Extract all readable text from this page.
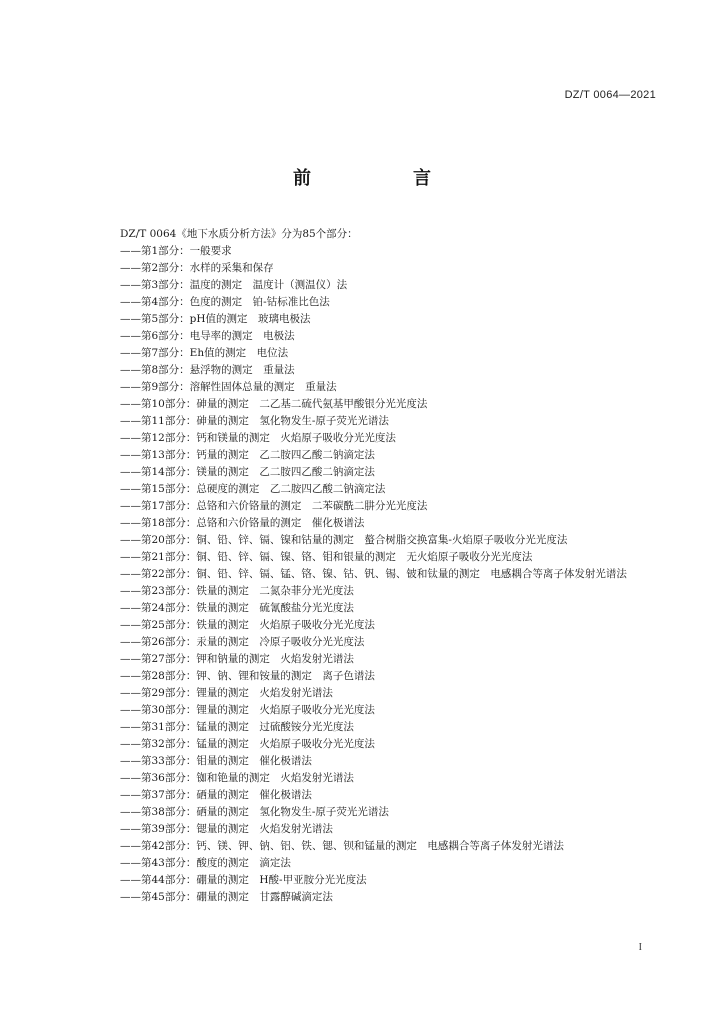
DZ/T 0064—2021
前　言
DZ/T 0064《地下水质分析方法》分为85个部分：
——第1部分：一般要求
——第2部分：水样的采集和保存
——第3部分：温度的测定　温度计（测温仪）法
——第4部分：色度的测定　铂-钴标准比色法
——第5部分：pH值的测定　玻璃电极法
——第6部分：电导率的测定　电极法
——第7部分：Eh值的测定　电位法
——第8部分：悬浮物的测定　重量法
——第9部分：溶解性固体总量的测定　重量法
——第10部分：砷量的测定　二乙基二硫代氨基甲酸银分光光度法
——第11部分：砷量的测定　氢化物发生-原子荧光光谱法
——第12部分：钙和镁量的测定　火焰原子吸收分光光度法
——第13部分：钙量的测定　乙二胺四乙酸二钠滴定法
——第14部分：镁量的测定　乙二胺四乙酸二钠滴定法
——第15部分：总硬度的测定　乙二胺四乙酸二钠滴定法
——第17部分：总铬和六价铬量的测定　二苯碳酰二肼分光光度法
——第18部分：总铬和六价铬量的测定　催化极谱法
——第20部分：铜、铅、锌、镉、镍和钴量的测定　螯合树脂交换富集-火焰原子吸收分光光度法
——第21部分：铜、铅、锌、镉、镍、铬、钼和银量的测定　无火焰原子吸收分光光度法
——第22部分：铜、铅、锌、镉、锰、铬、镍、钴、钒、锡、铍和钛量的测定　电感耦合等离子体发射光谱法
——第23部分：铁量的测定　二氮杂菲分光光度法
——第24部分：铁量的测定　硫氰酸盐分光光度法
——第25部分：铁量的测定　火焰原子吸收分光光度法
——第26部分：汞量的测定　冷原子吸收分光光度法
——第27部分：钾和钠量的测定　火焰发射光谱法
——第28部分：钾、钠、锂和铵量的测定　离子色谱法
——第29部分：锂量的测定　火焰发射光谱法
——第30部分：锂量的测定　火焰原子吸收分光光度法
——第31部分：锰量的测定　过硫酸铵分光光度法
——第32部分：锰量的测定　火焰原子吸收分光光度法
——第33部分：钼量的测定　催化极谱法
——第36部分：铷和铯量的测定　火焰发射光谱法
——第37部分：硒量的测定　催化极谱法
——第38部分：硒量的测定　氢化物发生-原子荧光光谱法
——第39部分：锶量的测定　火焰发射光谱法
——第42部分：钙、镁、钾、钠、铝、铁、锶、钡和锰量的测定　电感耦合等离子体发射光谱法
——第43部分：酸度的测定　滴定法
——第44部分：硼量的测定　H酸-甲亚胺分光光度法
——第45部分：硼量的测定　甘露醇碱滴定法
I
